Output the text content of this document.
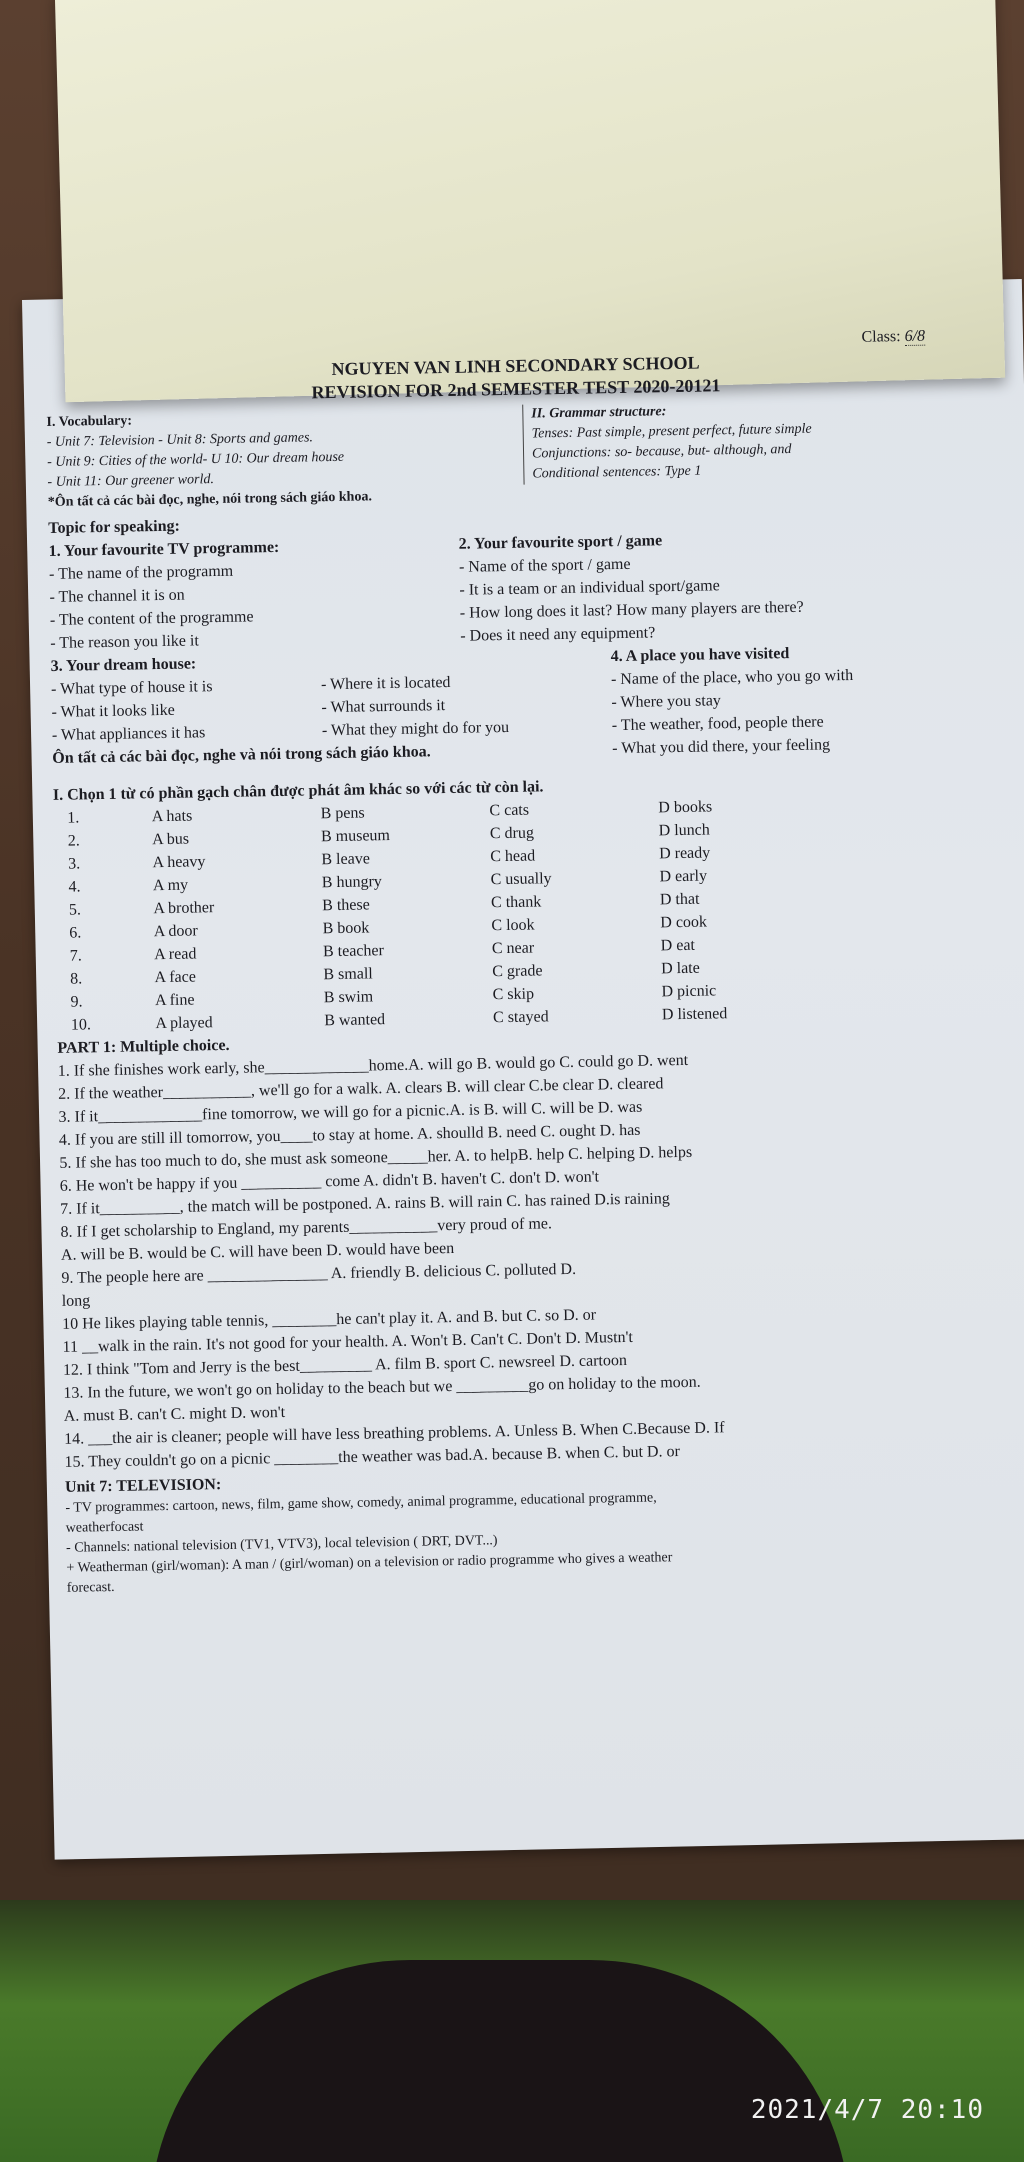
Class: 6/8
NGUYEN VAN LINH SECONDARY SCHOOL
REVISION FOR 2nd SEMESTER TEST 2020-20121
I. Vocabulary:
- Unit 7: Television - Unit 8: Sports and games.
- Unit 9: Cities of the world- U 10: Our dream house
- Unit 11: Our greener world.
II. Grammar structure:
Tenses: Past simple, present perfect, future simple
Conjunctions: so- because, but- although, and
Conditional sentences: Type 1
*Ôn tất cả các bài đọc, nghe, nói trong sách giáo khoa.
Topic for speaking:
1. Your favourite TV programme:
- The name of the programm
- The channel it is on
- The content of the programme
- The reason you like it
2. Your favourite sport / game
- Name of the sport / game
- It is a team or an individual sport/game
- How long does it last? How many players are there?
- Does it need any equipment?
3. Your dream house:
- What type of house it is
- What it looks like
- What appliances it has
- Where it is located
- What surrounds it
- What they might do for you
Ôn tất cả các bài đọc, nghe và nói trong sách giáo khoa.
4. A place you have visited
- Name of the place, who you go with
- Where you stay
- The weather, food, people there
- What you did there, your feeling
I. Chọn 1 từ có phần gạch chân được phát âm khác so với các từ còn lại.
1.	A hats	B pens	C cats	D books
2.	A bus	B museum	C drug	D lunch
3.	A heavy	B leave	C head	D ready
4.	A my	B hungry	C usually	D early
5.	A brother	B these	C thank	D that
6.	A door	B book	C look	D cook
7.	A read	B teacher	C near	D eat
8.	A face	B small	C grade	D late
9.	A fine	B swim	C skip	D picnic
10.	A played	B wanted	C stayed	D listened
PART 1: Multiple choice.
1. If she finishes work early, she_____________home.A. will go B. would go C. could go D. went
2. If the weather___________, we'll go for a walk. A. clears B. will clear C.be clear D. cleared
3. If it_____________fine tomorrow, we will go for a picnic.A. is B. will C. will be D. was
4. If you are still ill tomorrow, you____to stay at home. A. shoulld B. need C. ought D. has
5. If she has too much to do, she must ask someone_____her. A. to helpB. help C. helping D. helps
6. He won't be happy if you __________ come A. didn't B. haven't C. don't D. won't
7. If it__________, the match will be postponed. A. rains B. will rain C. has rained D.is raining
8. If I get scholarship to England, my parents___________very proud of me.
A. will be B. would be C. will have been D. would have been
9. The people here are _______________ A. friendly B. delicious C. polluted D.
long
10 He likes playing table tennis, ________he can't play it. A. and B. but C. so D. or
11 __walk in the rain. It's not good for your health. A. Won't B. Can't C. Don't D. Mustn't
12. I think "Tom and Jerry is the best_________ A. film B. sport C. newsreel D. cartoon
13. In the future, we won't go on holiday to the beach but we _________go on holiday to the moon.
A. must B. can't C. might D. won't
14. ___the air is cleaner; people will have less breathing problems. A. Unless B. When C.Because D. If
15. They couldn't go on a picnic ________the weather was bad.A. because B. when C. but D. or
Unit 7: TELEVISION:
- TV programmes: cartoon, news, film, game show, comedy, animal programme, educational programme,
weatherfocast
- Channels: national television (TV1, VTV3), local television ( DRT, DVT...)
+ Weatherman (girl/woman): A man / (girl/woman) on a television or radio programme who gives a weather
forecast.
2021/4/7 20:10
